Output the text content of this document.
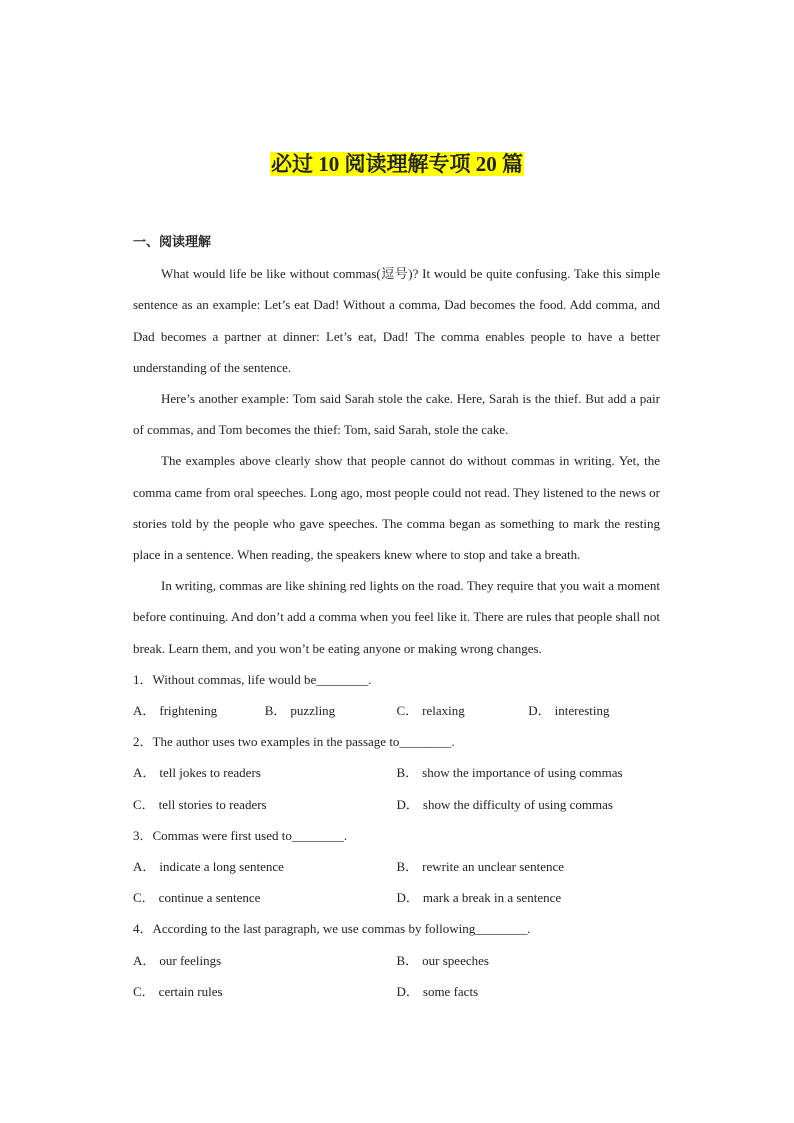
必过 10 阅读理解专项 20 篇
一、阅读理解

What would life be like without commas(逗号)? It would be quite confusing. Take this simple sentence as an example: Let’s eat Dad! Without a comma, Dad becomes the food. Add comma, and Dad becomes a partner at dinner: Let’s eat, Dad! The comma enables people to have a better understanding of the sentence.

Here’s another example: Tom said Sarah stole the cake. Here, Sarah is the thief. But add a pair of commas, and Tom becomes the thief: Tom, said Sarah, stole the cake.

The examples above clearly show that people cannot do without commas in writing. Yet, the comma came from oral speeches. Long ago, most people could not read. They listened to the news or stories told by the people who gave speeches. The comma began as something to mark the resting place in a sentence. When reading, the speakers knew where to stop and take a breath.

In writing, commas are like shining red lights on the road. They require that you wait a moment before continuing. And don’t add a comma when you feel like it. There are rules that people shall not break. Learn them, and you won’t be eating anyone or making wrong changes.

1．Without commas, life would be________.

A． frightening	B． puzzling	C． relaxing	D． interesting

2．The author uses two examples in the passage to________.

A． tell jokes to readers	B． show the importance of using commas
C． tell stories to readers	D． show the difficulty of using commas

3．Commas were first used to________.

A． indicate a long sentence	B． rewrite an unclear sentence
C． continue a sentence	D． mark a break in a sentence

4．According to the last paragraph, we use commas by following________.

A． our feelings	B． our speeches
C． certain rules	D． some facts
